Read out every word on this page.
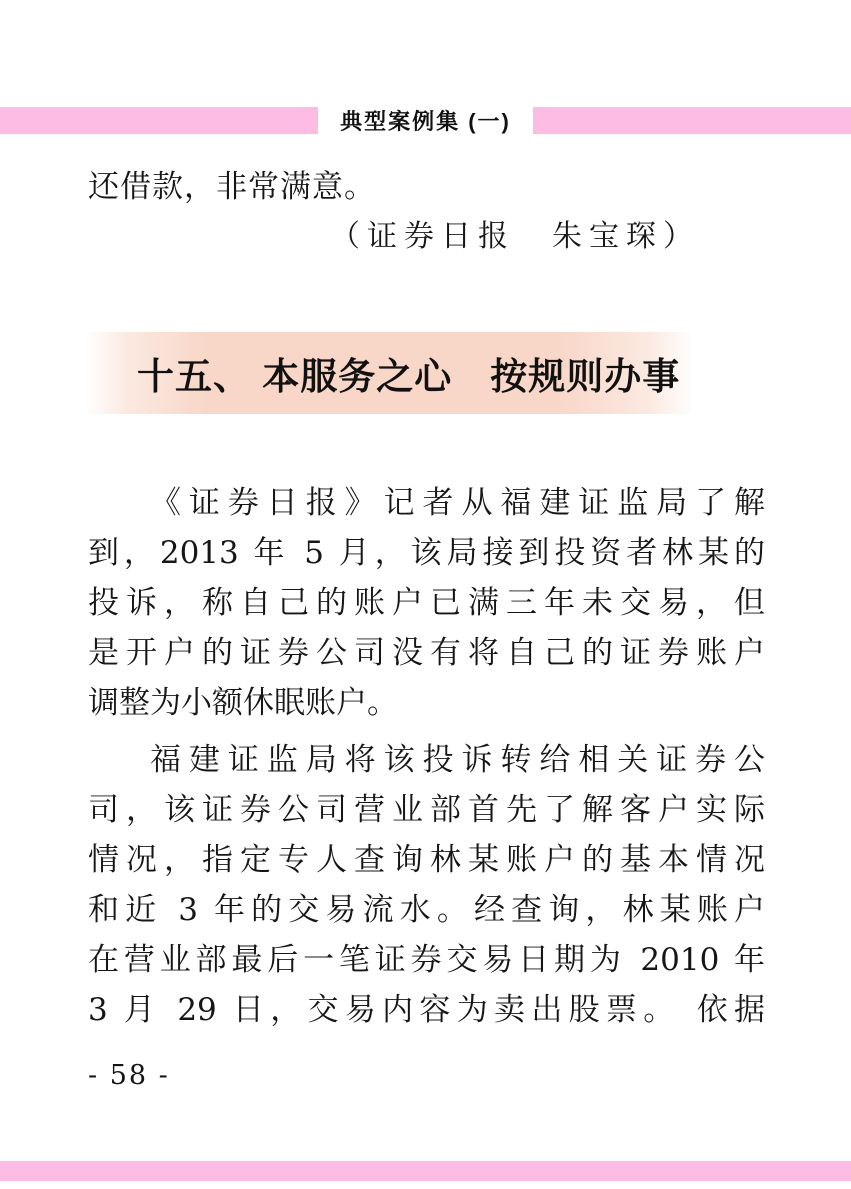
典型案例集 (一)
还借款，非常满意。
（证券日报　朱宝琛）
十五、 本服务之心　按规则办事

《证券日报》记者从福建证监局了解
到，2013 年 5 月，该局接到投资者林某的
投诉，称自己的账户已满三年未交易，但
是开户的证券公司没有将自己的证券账户
调整为小额休眠账户。

福建证监局将该投诉转给相关证券公
司，该证券公司营业部首先了解客户实际
情况，指定专人查询林某账户的基本情况
和近 3 年的交易流水。经查询，林某账户
在营业部最后一笔证券交易日期为 2010 年
3 月 29 日，交易内容为卖出股票。 依据

- 58 -
